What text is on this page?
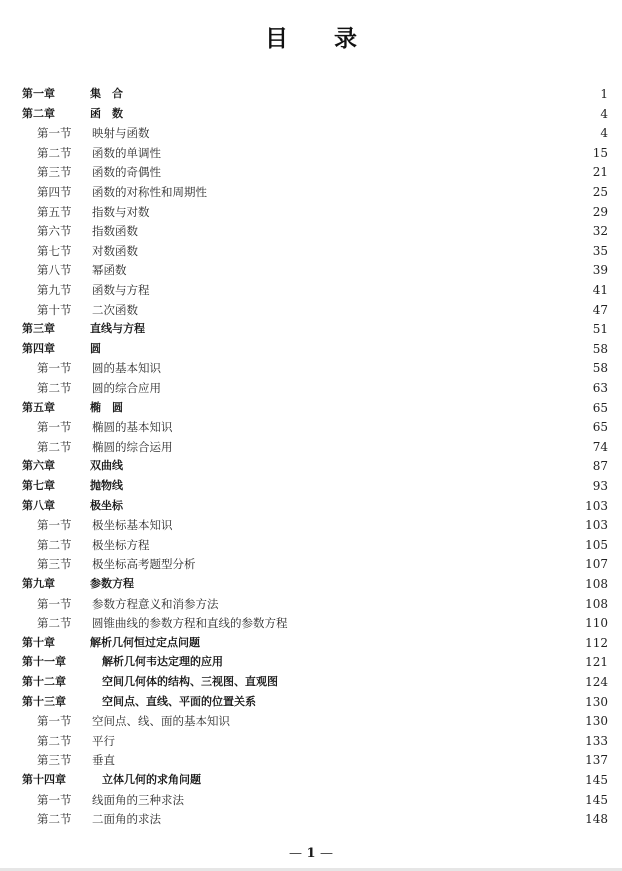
目 录
第一章	集　合	1
第二章	函　数	4
第一节	映射与函数	4
第二节	函数的单调性	15
第三节	函数的奇偶性	21
第四节	函数的对称性和周期性	25
第五节	指数与对数	29
第六节	指数函数	32
第七节	对数函数	35
第八节	幂函数	39
第九节	函数与方程	41
第十节	二次函数	47
第三章	直线与方程	51
第四章	圆	58
第一节	圆的基本知识	58
第二节	圆的综合应用	63
第五章	椭　圆	65
第一节	椭圆的基本知识	65
第二节	椭圆的综合运用	74
第六章	双曲线	87
第七章	抛物线	93
第八章	极坐标	103
第一节	极坐标基本知识	103
第二节	极坐标方程	105
第三节	极坐标高考题型分析	107
第九章	参数方程	108
第一节	参数方程意义和消参方法	108
第二节	圆锥曲线的参数方程和直线的参数方程	110
第十章	解析几何恒过定点问题	112
第十一章	解析几何韦达定理的应用	121
第十二章	空间几何体的结构、三视图、直观图	124
第十三章	空间点、直线、平面的位置关系	130
第一节	空间点、线、面的基本知识	130
第二节	平行	133
第三节	垂直	137
第十四章	立体几何的求角问题	145
第一节	线面角的三种求法	145
第二节	二面角的求法	148
— 1 —
